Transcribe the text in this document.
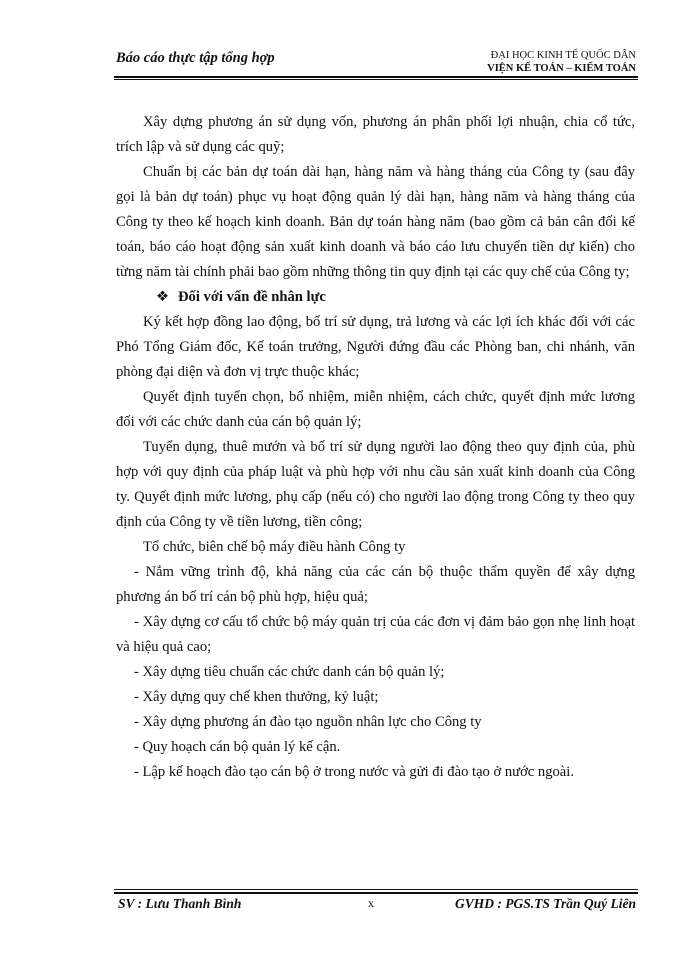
Báo cáo thực tập tổng hợp	ĐẠI HỌC KINH TẾ QUỐC DÂN
VIỆN KẾ TOÁN – KIỂM TOÁN

Xây dựng phương án sử dụng vốn, phương án phân phối lợi nhuận, chia cổ tức, trích lập và sử dụng các quỹ;

Chuẩn bị các bản dự toán dài hạn, hàng năm và hàng tháng của Công ty (sau đây gọi là bản dự toán) phục vụ hoạt động quản lý dài hạn, hàng năm và hàng tháng của Công ty theo kế hoạch kinh doanh. Bản dự toán hàng năm (bao gồm cả bản cân đối kế toán, báo cáo hoạt động sản xuất kinh doanh và báo cáo lưu chuyển tiền dự kiến) cho từng năm tài chính phải bao gồm những thông tin quy định tại các quy chế của Công ty;

❖ Đối với vấn đề nhân lực

Ký kết hợp đồng lao động, bố trí sử dụng, trả lương và các lợi ích khác đối với các Phó Tổng Giám đốc, Kế toán trưởng, Người đứng đầu các Phòng ban, chi nhánh, văn phòng đại diện và đơn vị trực thuộc khác;

Quyết định tuyển chọn, bổ nhiệm, miễn nhiệm, cách chức, quyết định mức lương đối với các chức danh của cán bộ quản lý;

Tuyển dụng, thuê mướn và bố trí sử dụng người lao động theo quy định của, phù hợp với quy định của pháp luật và phù hợp với nhu cầu sản xuất kinh doanh của Công ty. Quyết định mức lương, phụ cấp (nếu có) cho người lao động trong Công ty theo quy định của Công ty về tiền lương, tiền công;

Tổ chức, biên chế bộ máy điều hành Công ty

- Nắm vững trình độ, khả năng của các cán bộ thuộc thẩm quyền để xây dựng phương án bố trí cán bộ phù hợp, hiệu quả;

- Xây dựng cơ cấu tổ chức bộ máy quản trị của các đơn vị đảm bảo gọn nhẹ linh hoạt và hiệu quả cao;

- Xây dựng tiêu chuẩn các chức danh cán bộ quản lý;

- Xây dựng quy chế khen thưởng, kỷ luật;

- Xây dựng phương án đào tạo nguồn nhân lực cho Công ty

- Quy hoạch cán bộ quản lý kế cận.

- Lập kế hoạch đào tạo cán bộ ở trong nước và gửi đi đào tạo ở nước ngoài.

SV : Lưu Thanh Bình	x	GVHD : PGS.TS Trần Quý Liên
